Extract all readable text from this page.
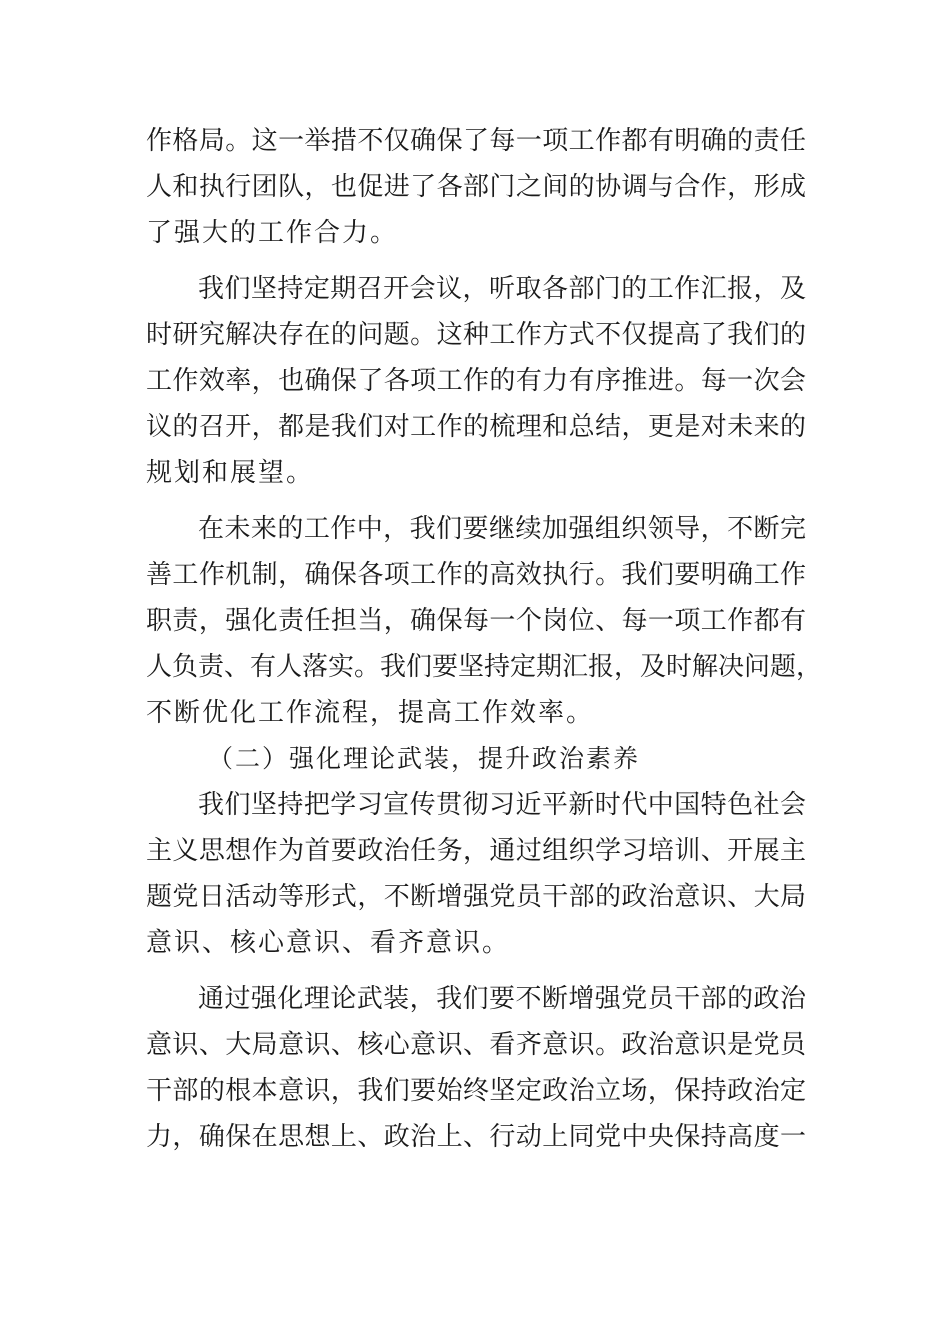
作格局。这一举措不仅确保了每一项工作都有明确的责任
人和执行团队，也促进了各部门之间的协调与合作，形成
了强大的工作合力。
我们坚持定期召开会议，听取各部门的工作汇报，及
时研究解决存在的问题。这种工作方式不仅提高了我们的
工作效率，也确保了各项工作的有力有序推进。每一次会
议的召开，都是我们对工作的梳理和总结，更是对未来的
规划和展望。
在未来的工作中，我们要继续加强组织领导，不断完
善工作机制，确保各项工作的高效执行。我们要明确工作
职责，强化责任担当，确保每一个岗位、每一项工作都有
人负责、有人落实。我们要坚持定期汇报，及时解决问题，
不断优化工作流程，提高工作效率。
（二）强化理论武装，提升政治素养
我们坚持把学习宣传贯彻习近平新时代中国特色社会
主义思想作为首要政治任务，通过组织学习培训、开展主
题党日活动等形式，不断增强党员干部的政治意识、大局
意识、核心意识、看齐意识。
通过强化理论武装，我们要不断增强党员干部的政治
意识、大局意识、核心意识、看齐意识。政治意识是党员
干部的根本意识，我们要始终坚定政治立场，保持政治定
力，确保在思想上、政治上、行动上同党中央保持高度一
